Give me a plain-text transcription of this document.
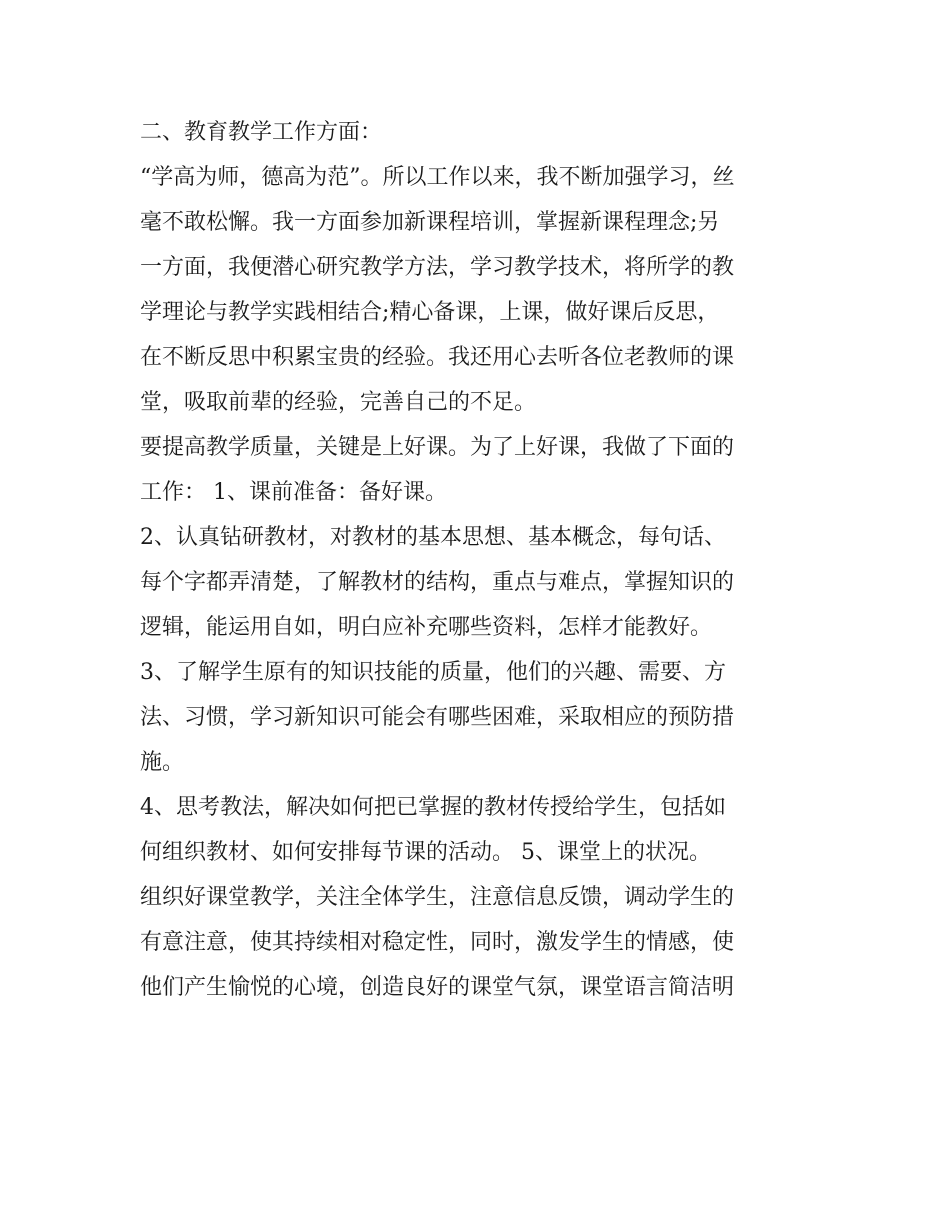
二、教育教学工作方面：
“学高为师，德高为范”。所以工作以来，我不断加强学习，丝
毫不敢松懈。我一方面参加新课程培训，掌握新课程理念;另
一方面，我便潜心研究教学方法，学习教学技术，将所学的教
学理论与教学实践相结合;精心备课，上课，做好课后反思，
在不断反思中积累宝贵的经验。我还用心去听各位老教师的课
堂，吸取前辈的经验，完善自己的不足。
要提高教学质量，关键是上好课。为了上好课，我做了下面的
工作： 1、课前准备：备好课。
2、认真钻研教材，对教材的基本思想、基本概念，每句话、
每个字都弄清楚，了解教材的结构，重点与难点，掌握知识的
逻辑，能运用自如，明白应补充哪些资料，怎样才能教好。
3、了解学生原有的知识技能的质量，他们的兴趣、需要、方
法、习惯，学习新知识可能会有哪些困难，采取相应的预防措
施。
4、思考教法，解决如何把已掌握的教材传授给学生，包括如
何组织教材、如何安排每节课的活动。 5、课堂上的状况。
组织好课堂教学，关注全体学生，注意信息反馈，调动学生的
有意注意，使其持续相对稳定性，同时，激发学生的情感，使
他们产生愉悦的心境，创造良好的课堂气氛，课堂语言简洁明
